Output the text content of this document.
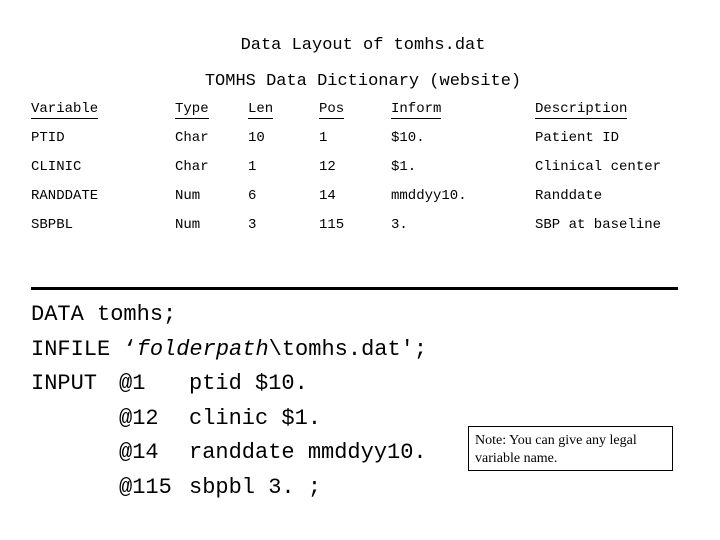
Data Layout of tomhs.dat
TOMHS Data Dictionary (website)
Variable	Type	Len	Pos	Inform	Description
PTID	Char	10	1	$10.	Patient ID
CLINIC	Char	1	12	$1.	Clinical center
RANDDATE	Num	6	14	mmddyy10.	Randdate
SBPBL	Num	3	115	3.	SBP at baseline
DATA tomhs;
INFILE ‘folderpath\tomhs.dat';
INPUT @1 ptid $10.
@12 clinic $1.
@14 randdate mmddyy10.
@115 sbpbl 3. ;
Note: You can give any legal variable name.
